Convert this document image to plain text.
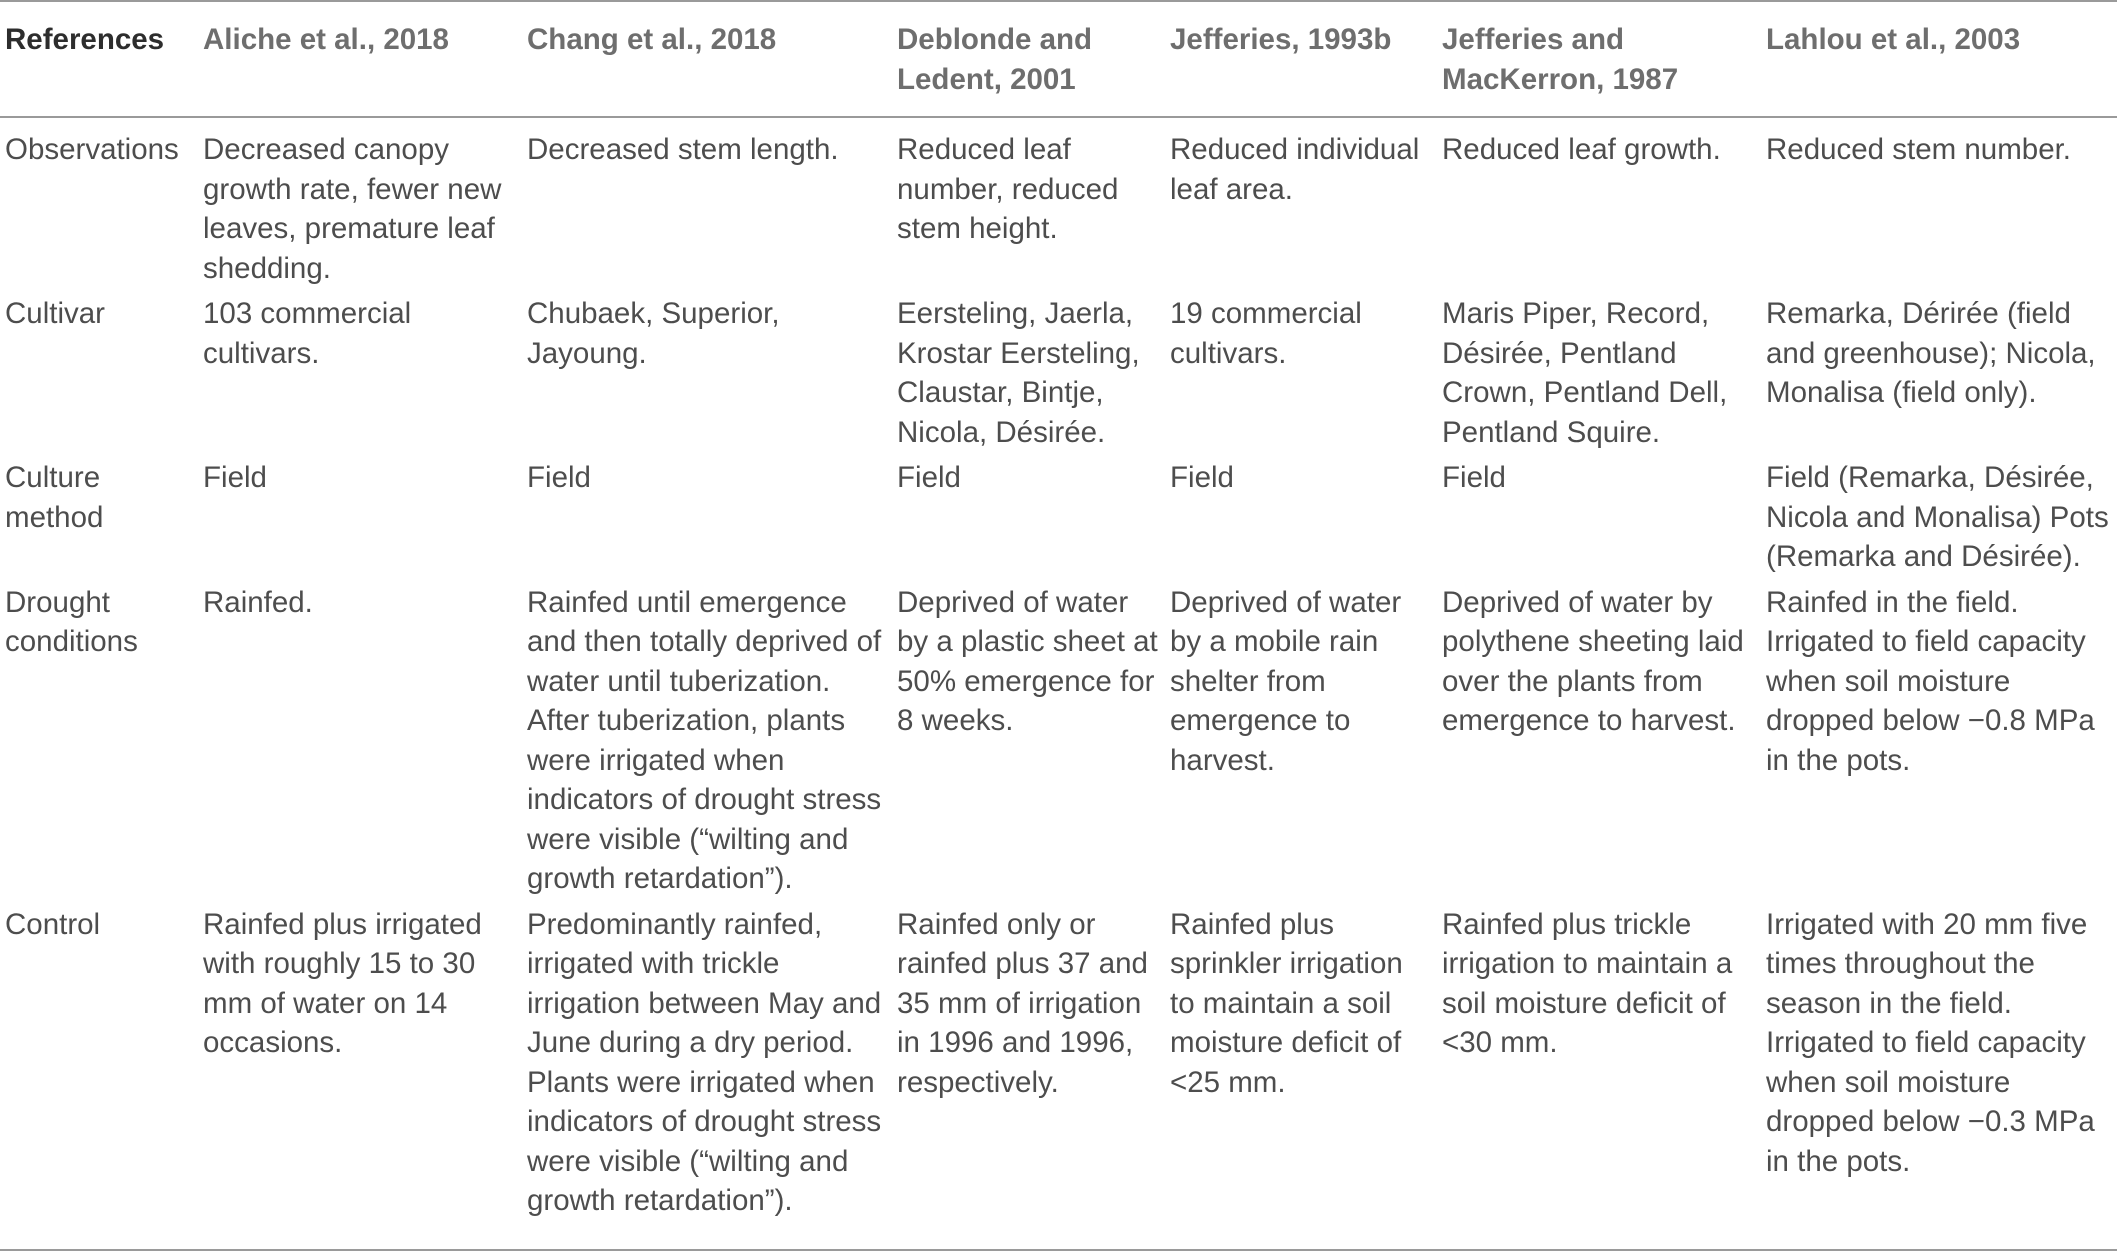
References	Aliche et al., 2018	Chang et al., 2018	Deblonde and Ledent, 2001	Jefferies, 1993b	Jefferies and MacKerron, 1987	Lahlou et al., 2003
Observations	Decreased canopy growth rate, fewer new leaves, premature leaf shedding.	Decreased stem length.	Reduced leaf number, reduced stem height.	Reduced individual leaf area.	Reduced leaf growth.	Reduced stem number.
Cultivar	103 commercial cultivars.	Chubaek, Superior, Jayoung.	Eersteling, Jaerla, Krostar Eersteling, Claustar, Bintje, Nicola, Désirée.	19 commercial cultivars.	Maris Piper, Record, Désirée, Pentland Crown, Pentland Dell, Pentland Squire.	Remarka, Dérirée (field and greenhouse); Nicola, Monalisa (field only).
Culture method	Field	Field	Field	Field	Field	Field (Remarka, Désirée, Nicola and Monalisa) Pots (Remarka and Désirée).
Drought conditions	Rainfed.	Rainfed until emergence and then totally deprived of water until tuberization. After tuberization, plants were irrigated when indicators of drought stress were visible (“wilting and growth retardation”).	Deprived of water by a plastic sheet at 50% emergence for 8 weeks.	Deprived of water by a mobile rain shelter from emergence to harvest.	Deprived of water by polythene sheeting laid over the plants from emergence to harvest.	Rainfed in the field. Irrigated to field capacity when soil moisture dropped below −0.8 MPa in the pots.
Control	Rainfed plus irrigated with roughly 15 to 30 mm of water on 14 occasions.	Predominantly rainfed, irrigated with trickle irrigation between May and June during a dry period. Plants were irrigated when indicators of drought stress were visible (“wilting and growth retardation”).	Rainfed only or rainfed plus 37 and 35 mm of irrigation in 1996 and 1996, respectively.	Rainfed plus sprinkler irrigation to maintain a soil moisture deficit of <25 mm.	Rainfed plus trickle irrigation to maintain a soil moisture deficit of <30 mm.	Irrigated with 20 mm five times throughout the season in the field. Irrigated to field capacity when soil moisture dropped below −0.3 MPa in the pots.
